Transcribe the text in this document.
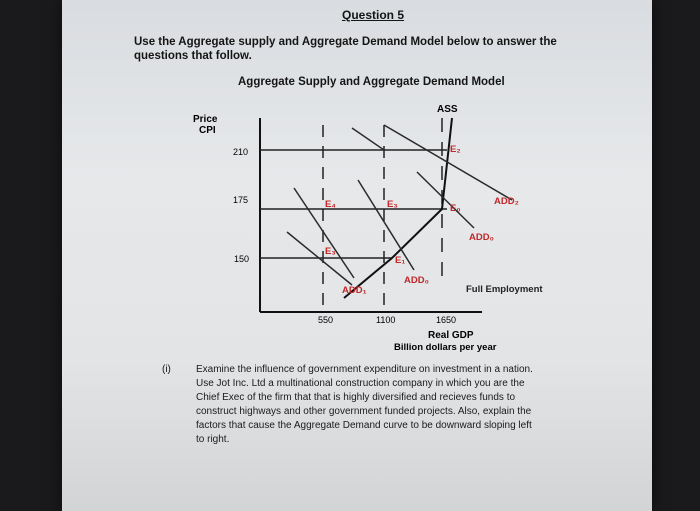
Question 5
Use the Aggregate supply and Aggregate Demand Model below to answer the
questions that follow.
Aggregate Supply and Aggregate Demand Model
Price CPI
210
175
150
550	1100	1650
Real GDP
Billion dollars per year
ASS
Full Employment
ADD₂
ADD₀
ADD₀
ADD₁
E₄	E₃	E₀
E₂
E₃
E₁
(i)	Examine the influence of government expenditure on investment in a nation.
Use Jot Inc. Ltd a multinational construction company in which you are the
Chief Exec of the firm that that is highly diversified and recieves funds to
construct highways and other government funded projects. Also, explain the
factors that cause the Aggregate Demand curve to be downward sloping left
to right.
